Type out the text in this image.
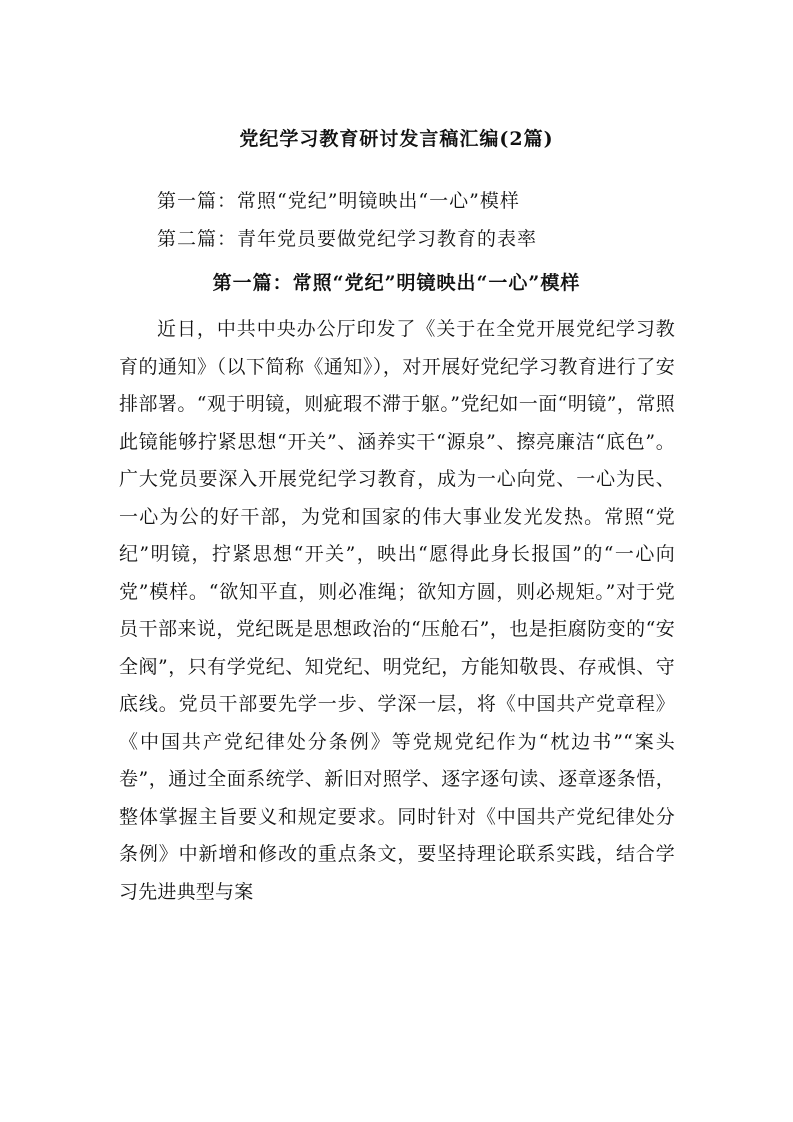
党纪学习教育研讨发言稿汇编(2篇)
第一篇：常照“党纪”明镜映出“一心”模样
第二篇：青年党员要做党纪学习教育的表率
第一篇：常照“党纪”明镜映出“一心”模样

近日，中共中央办公厅印发了《关于在全党开展党纪学习教育的通知》（以下简称《通知》），对开展好党纪学习教育进行了安排部署。“观于明镜，则疵瑕不滞于躯。”党纪如一面“明镜”，常照此镜能够拧紧思想“开关”、涵养实干“源泉”、擦亮廉洁“底色”。广大党员要深入开展党纪学习教育，成为一心向党、一心为民、一心为公的好干部，为党和国家的伟大事业发光发热。常照“党纪”明镜，拧紧思想“开关”，映出“愿得此身长报国”的“一心向党”模样。“欲知平直，则必准绳；欲知方圆，则必规矩。”对于党员干部来说，党纪既是思想政治的“压舱石”，也是拒腐防变的“安全阀”，只有学党纪、知党纪、明党纪，方能知敬畏、存戒惧、守底线。党员干部要先学一步、学深一层，将《中国共产党章程》《中国共产党纪律处分条例》等党规党纪作为“枕边书”“案头卷”，通过全面系统学、新旧对照学、逐字逐句读、逐章逐条悟，整体掌握主旨要义和规定要求。同时针对《中国共产党纪律处分条例》中新增和修改的重点条文，要坚持理论联系实践，结合学习先进典型与案
